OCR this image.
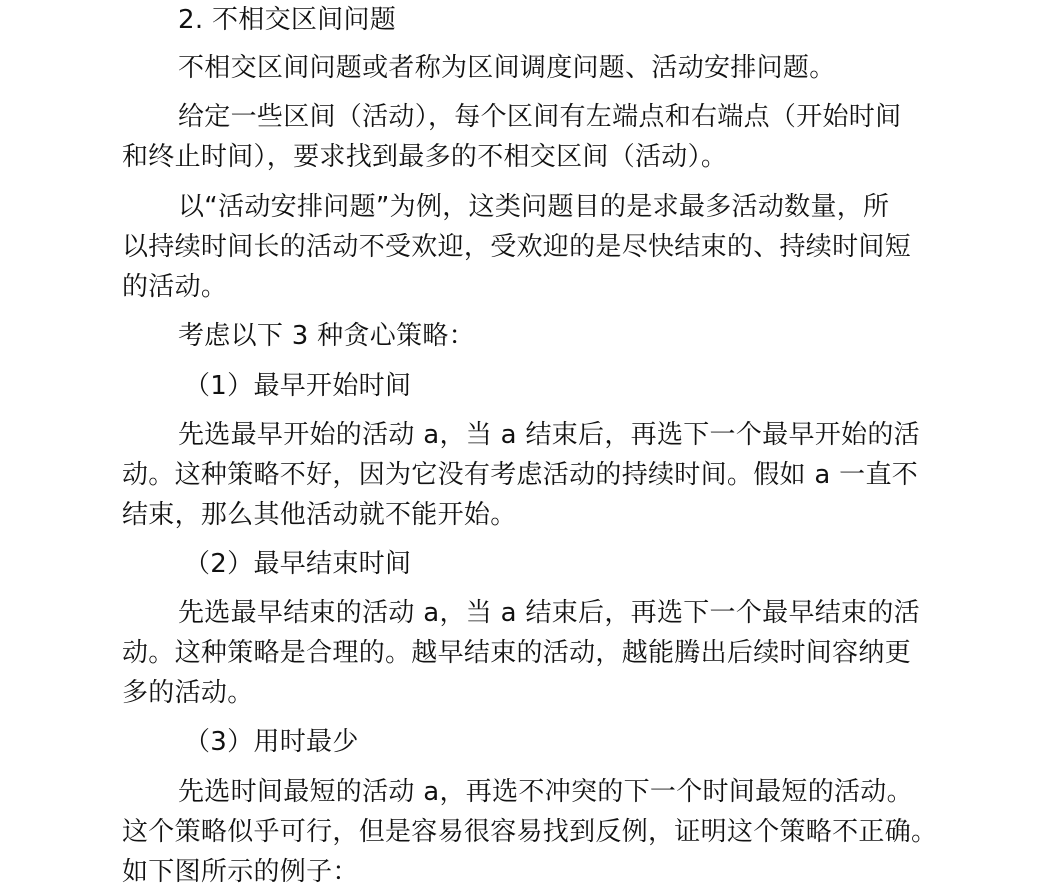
2. 不相交区间问题
不相交区间问题或者称为区间调度问题、活动安排问题。
给定一些区间（活动），每个区间有左端点和右端点（开始时间
和终止时间），要求找到最多的不相交区间（活动）。
以“活动安排问题”为例，这类问题目的是求最多活动数量，所
以持续时间长的活动不受欢迎，受欢迎的是尽快结束的、持续时间短
的活动。
考虑以下 3 种贪心策略：
（1）最早开始时间
先选最早开始的活动 a，当 a 结束后，再选下一个最早开始的活
动。这种策略不好，因为它没有考虑活动的持续时间。假如 a 一直不
结束，那么其他活动就不能开始。
（2）最早结束时间
先选最早结束的活动 a，当 a 结束后，再选下一个最早结束的活
动。这种策略是合理的。越早结束的活动，越能腾出后续时间容纳更
多的活动。
（3）用时最少
先选时间最短的活动 a，再选不冲突的下一个时间最短的活动。
这个策略似乎可行，但是容易很容易找到反例，证明这个策略不正确。
如下图所示的例子：
